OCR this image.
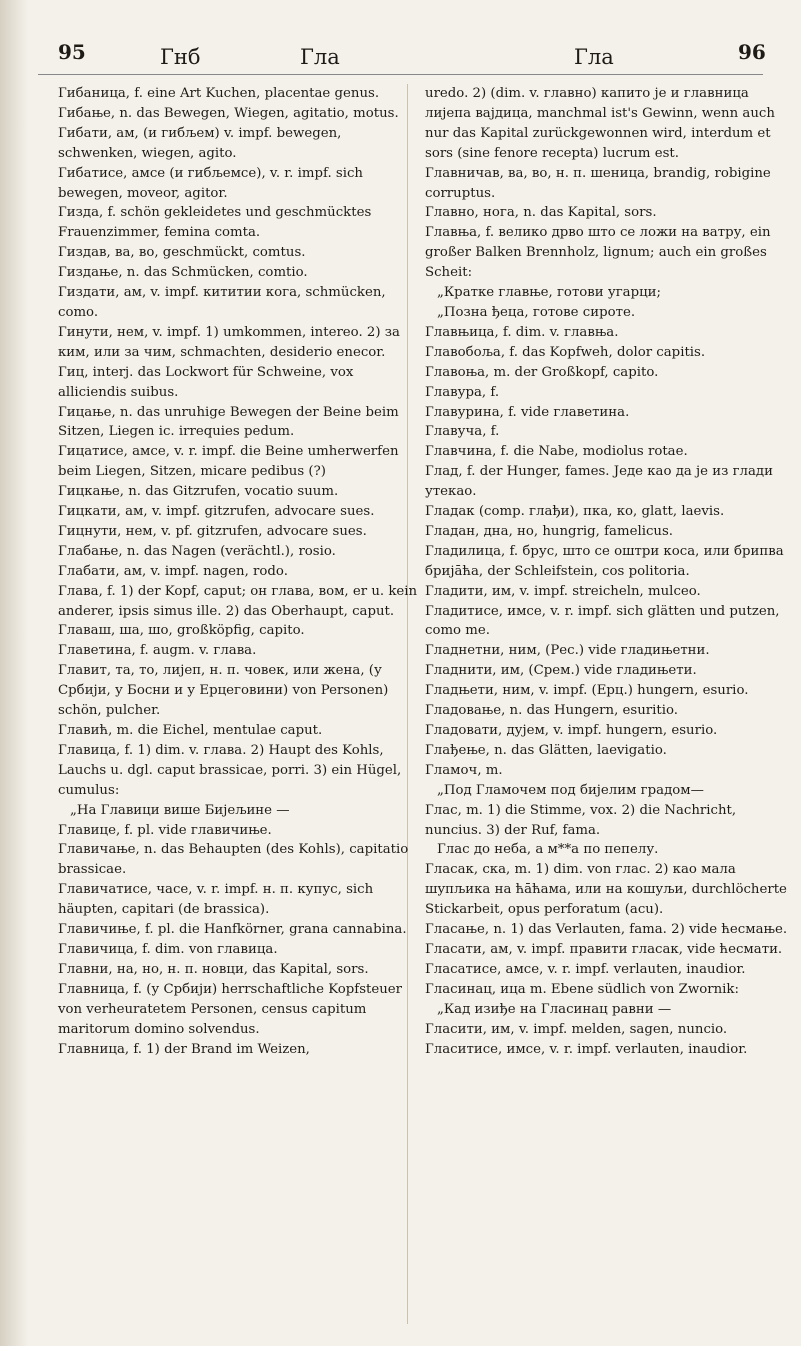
95	Гнб	Гла	Гла	96

Гибаница, f. eine Art Kuchen, placentae genus.

Гибање, n. das Bewegen, Wiegen, agitatio, motus.

Гибати, ам, (и гибљем) v. impf. bewegen, schwenken, wiegen, agito.

Гибатисе, амсе (и гибљемсе), v. r. impf. sich bewegen, moveor, agitor.

Гизда, f. schön gekleidetes und geschmücktes Frauenzimmer, femina comta.

Гиздав, ва, во, geschmückt, comtus.

Гиздање, n. das Schmücken, comtio.

Гиздати, ам, v. impf. кититии кога, schmücken, como.

Гинути, нем, v. impf. 1) umkommen, intereo. 2) за ким, или за чим, schmachten, desiderio enecor.

Гиц, interj. das Lockwort für Schweine, vox alliciendis suibus.

Гицање, n. das unruhige Bewegen der Beine beim Sitzen, Liegen ic. irrequies pedum.

Гицатисе, амсе, v. r. impf. die Beine umherwerfen beim Liegen, Sitzen, micare pedibus (?)

Гицкање, n. das Gitzrufen, vocatio suum.

Гицкати, ам, v. impf. gitzrufen, advocare sues.

Гицнути, нем, v. pf. gitzrufen, advocare sues.

Глабање, n. das Nagen (verächtl.), rosio.

Глабати, ам, v. impf. nagen, rodo.

Глава, f. 1) der Kopf, caput; он глава, вом, er u. kein anderer, ipsis simus ille. 2) das Oberhaupt, caput.

Главаш, ша, шо, großköpfig, capito.

Главетина, f. augm. v. глава.

Главит, та, то, лијеп, н. п. човек, или жена, (у Србији, у Босни и у Ерцеговини) von Personen) schön, pulcher.

Главић, m. die Eichel, mentulae caput.

Главица, f. 1) dim. v. глава. 2) Haupt des Kohls, Lauchs u. dgl. caput brassicae, porri. 3) ein Hügel, cumulus:

„На Главици више Бијељине —

Главице, f. pl. vide главичиње.

Главичање, n. das Behaupten (des Kohls), capitatio brassicae.

Главичатисе, часе, v. r. impf. н. п. купус, sich häupten, capitari (de brassica).

Главичиње, f. pl. die Hanfkörner, grana cannabina.

Главичица, f. dim. von главица.

Главни, на, но, н. п. новци, das Kapital, sors.

Главница, f. (у Србији) herrschaftliche Kopfsteuer von verheuratetem Personen, census capitum maritorum domino solvendus.

Главница, f. 1) der Brand im Weizen,

uredo. 2) (dim. v. главно) капито је и главница лијепа ваjдица, manchmal ist's Gewinn, wenn auch nur das Kapital zurückgewonnen wird, interdum et sors (sine fenore recepta) lucrum est.

Главничав, ва, во, н. п. шеница, brandig, robigine corruptus.

Главно, нога, n. das Kapital, sors.

Главња, f. велико дрво што се ложи на ватру, ein großer Balken Brennholz, lignum; auch ein großes Scheit:

„Кратке главње, готови угарци;

„Позна ђеца, готове сироте.

Главњица, f. dim. v. главња.

Главобоља, f. das Kopfweh, dolor capitis.

Главоња, m. der Großkopf, capito.

Главура, f.

Главурина, f. vide главетина.

Главуча, f.

Главчина, f. die Nabe, modiolus rotae.

Глад, f. der Hunger, fames. Једе као да је из глади утекао.

Гладак (comp. глађи), пка, ко, glatt, laevis.

Гладан, дна, но, hungrig, famelicus.

Гладилица, f. брус, што се оштри коса, или брипва брија̄ћа, der Schleifstein, cos politoria.

Гладити, им, v. impf. streicheln, mulceo.

Гладитисе, имсе, v. r. impf. sich glätten und putzen, como me.

Гладнетни, ним, (Рес.) vide гладињетни.

Гладнити, им, (Срем.) vide гладињети.

Гладњети, ним, v. impf. (Ерц.) hungern, esurio.

Гладовање, n. das Hungern, esuritio.

Гладовати, дујем, v. impf. hungern, esurio.

Глађење, n. das Glätten, laevigatio.

Гламоч, m.

„Под Гламочем под бијелим градом—

Глас, m. 1) die Stimme, vox. 2) die Nachricht, nuncius. 3) der Ruf, fama.

Глас до неба, а м**а по пепелу.

Гласак, ска, m. 1) dim. von глас. 2) као мала шупљика на ћа̄ћама, или на кошуљи, durchlöcherte Stickarbeit, opus perforatum (acu).

Гласање, n. 1) das Verlauten, fama. 2) vide ћесмање.

Гласати, ам, v. impf. правити гласак, vide ћесмати.

Гласатисе, амсе, v. r. impf. verlauten, inaudior.

Гласинац, ица m. Ebene südlich von Zwornik:

„Кад изиђе на Гласинац равни —

Гласити, им, v. impf. melden, sagen, nuncio.

Гласитисе, имсе, v. r. impf. verlauten, inaudior.
